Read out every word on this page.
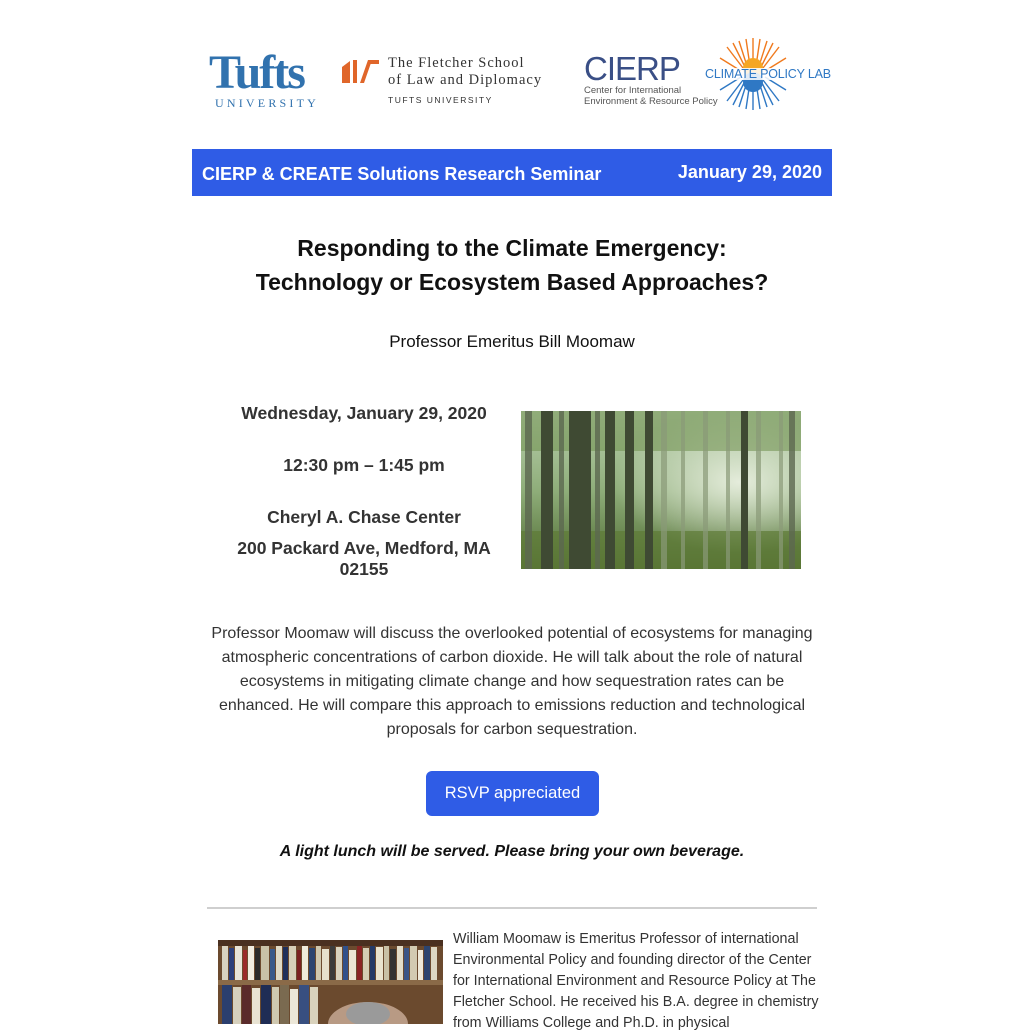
Tufts
UNIVERSITY
The Fletcher School
of Law and Diplomacy
TUFTS UNIVERSITY
CIERP
Center for International
Environment & Resource Policy
CLIMATE POLICY LAB
CIERP & CREATE Solutions Research Seminar	January 29, 2020
Responding to the Climate Emergency:
Technology or Ecosystem Based Approaches?
Professor Emeritus Bill Moomaw
Wednesday, January 29, 2020
12:30 pm – 1:45 pm
Cheryl A. Chase Center
200 Packard Ave, Medford, MA 02155
Professor Moomaw will discuss the overlooked potential of ecosystems for managing atmospheric concentrations of carbon dioxide. He will talk about the role of natural ecosystems in mitigating climate change and how sequestration rates can be enhanced. He will compare this approach to emissions reduction and technological proposals for carbon sequestration.
RSVP appreciated
A light lunch will be served. Please bring your own beverage.
William Moomaw is Emeritus Professor of international Environmental Policy and founding director of the Center for International Environment and Resource Policy at The Fletcher School. He received his B.A. degree in chemistry from Williams College and Ph.D. in physical
